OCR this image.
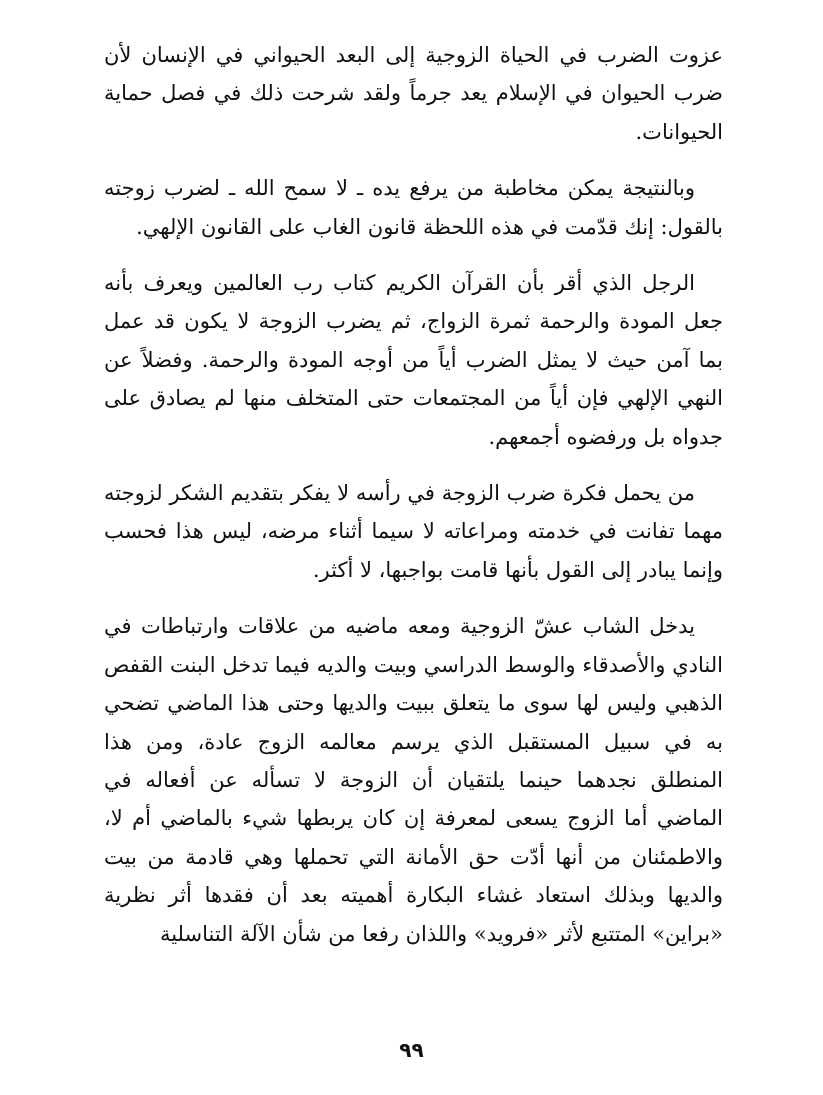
عزوت الضرب في الحياة الزوجية إلى البعد الحيواني في الإنسان لأن ضرب الحيوان في الإسلام يعد جرماً ولقد شرحت ذلك في فصل حماية الحيوانات.

وبالنتيجة يمكن مخاطبة من يرفع يده ـ لا سمح الله ـ لضرب زوجته بالقول: إنك قدّمت في هذه اللحظة قانون الغاب على القانون الإلهي.

الرجل الذي أقر بأن القرآن الكريم كتاب رب العالمين ويعرف بأنه جعل المودة والرحمة ثمرة الزواج، ثم يضرب الزوجة لا يكون قد عمل بما آمن حيث لا يمثل الضرب أياً من أوجه المودة والرحمة. وفضلاً عن النهي الإلهي فإن أياً من المجتمعات حتى المتخلف منها لم يصادق على جدواه بل ورفضوه أجمعهم.

من يحمل فكرة ضرب الزوجة في رأسه لا يفكر بتقديم الشكر لزوجته مهما تفانت في خدمته ومراعاته لا سيما أثناء مرضه، ليس هذا فحسب وإنما يبادر إلى القول بأنها قامت بواجبها، لا أكثر.

يدخل الشاب عشّ الزوجية ومعه ماضيه من علاقات وارتباطات في النادي والأصدقاء والوسط الدراسي وبيت والديه فيما تدخل البنت القفص الذهبي وليس لها سوى ما يتعلق ببيت والديها وحتى هذا الماضي تضحي به في سبيل المستقبل الذي يرسم معالمه الزوج عادة، ومن هذا المنطلق نجدهما حينما يلتقيان أن الزوجة لا تسأله عن أفعاله في الماضي أما الزوج يسعى لمعرفة إن كان يربطها شيء بالماضي أم لا، والاطمئنان من أنها أدّت حق الأمانة التي تحملها وهي قادمة من بيت والديها وبذلك استعاد غشاء البكارة أهميته بعد أن فقدها أثر نظرية «براين» المتتبع لأثر «فرويد» واللذان رفعا من شأن الآلة التناسلية

٩٩
